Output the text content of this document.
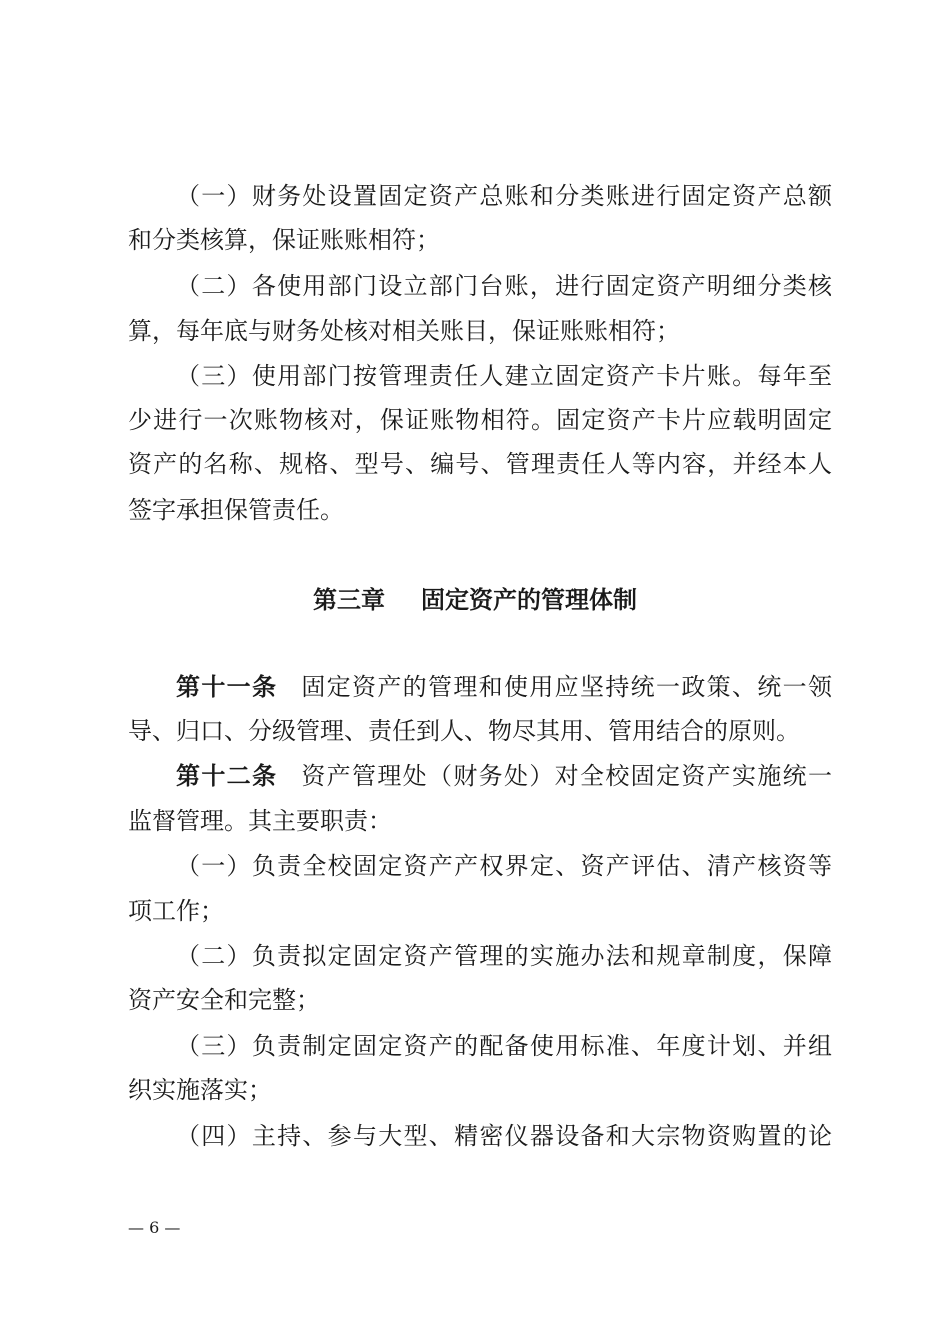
（一）财务处设置固定资产总账和分类账进行固定资产总额
和分类核算，保证账账相符；
（二）各使用部门设立部门台账，进行固定资产明细分类核
算，每年底与财务处核对相关账目，保证账账相符；
（三）使用部门按管理责任人建立固定资产卡片账。每年至
少进行一次账物核对，保证账物相符。固定资产卡片应载明固定
资产的名称、规格、型号、编号、管理责任人等内容，并经本人
签字承担保管责任。
第三章 固定资产的管理体制
第十一条 固定资产的管理和使用应坚持统一政策、统一领
导、归口、分级管理、责任到人、物尽其用、管用结合的原则。
第十二条 资产管理处（财务处）对全校固定资产实施统一
监督管理。其主要职责：
（一）负责全校固定资产产权界定、资产评估、清产核资等
项工作；
（二）负责拟定固定资产管理的实施办法和规章制度，保障
资产安全和完整；
（三）负责制定固定资产的配备使用标准、年度计划、并组
织实施落实；
（四）主持、参与大型、精密仪器设备和大宗物资购置的论
— 6 —
